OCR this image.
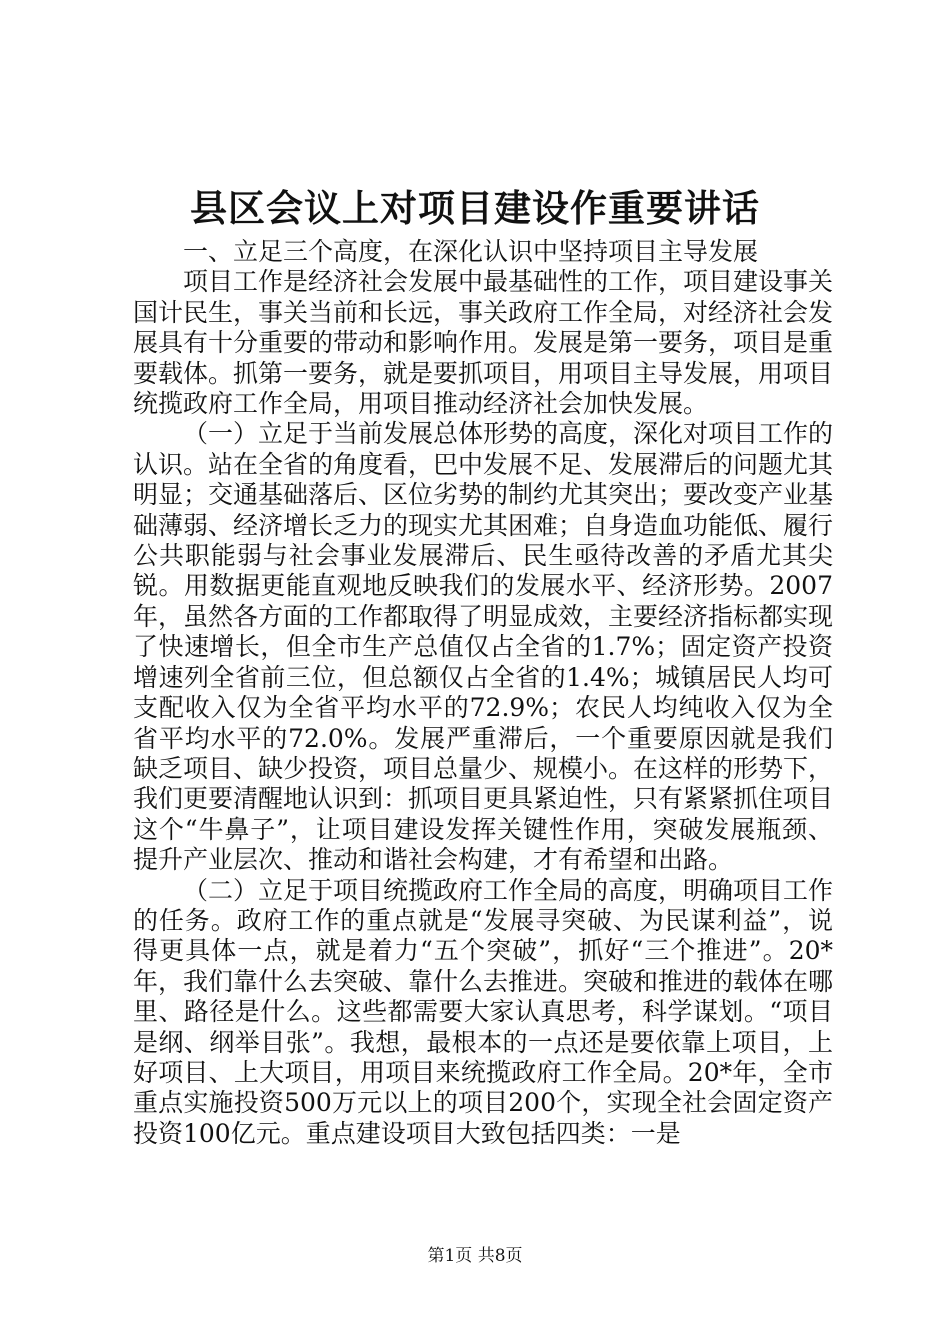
县区会议上对项目建设作重要讲话

一、立足三个高度，在深化认识中坚持项目主导发展

项目工作是经济社会发展中最基础性的工作，项目建设事关国计民生，事关当前和长远，事关政府工作全局，对经济社会发展具有十分重要的带动和影响作用。发展是第一要务，项目是重要载体。抓第一要务，就是要抓项目，用项目主导发展，用项目统揽政府工作全局，用项目推动经济社会加快发展。

（一）立足于当前发展总体形势的高度，深化对项目工作的认识。站在全省的角度看，巴中发展不足、发展滞后的问题尤其明显；交通基础落后、区位劣势的制约尤其突出；要改变产业基础薄弱、经济增长乏力的现实尤其困难；自身造血功能低、履行公共职能弱与社会事业发展滞后、民生亟待改善的矛盾尤其尖锐。用数据更能直观地反映我们的发展水平、经济形势。2007年，虽然各方面的工作都取得了明显成效，主要经济指标都实现了快速增长，但全市生产总值仅占全省的1.7%；固定资产投资增速列全省前三位，但总额仅占全省的1.4%；城镇居民人均可支配收入仅为全省平均水平的72.9%；农民人均纯收入仅为全省平均水平的72.0%。发展严重滞后，一个重要原因就是我们缺乏项目、缺少投资，项目总量少、规模小。在这样的形势下，我们更要清醒地认识到：抓项目更具紧迫性，只有紧紧抓住项目这个“牛鼻子”，让项目建设发挥关键性作用，突破发展瓶颈、提升产业层次、推动和谐社会构建，才有希望和出路。

（二）立足于项目统揽政府工作全局的高度，明确项目工作的任务。政府工作的重点就是“发展寻突破、为民谋利益”，说得更具体一点，就是着力“五个突破”，抓好“三个推进”。20*年，我们靠什么去突破、靠什么去推进。突破和推进的载体在哪里、路径是什么。这些都需要大家认真思考，科学谋划。“项目是纲、纲举目张”。我想，最根本的一点还是要依靠上项目，上好项目、上大项目，用项目来统揽政府工作全局。20*年，全市重点实施投资500万元以上的项目200个，实现全社会固定资产投资100亿元。重点建设项目大致包括四类：一是

第1页 共8页
